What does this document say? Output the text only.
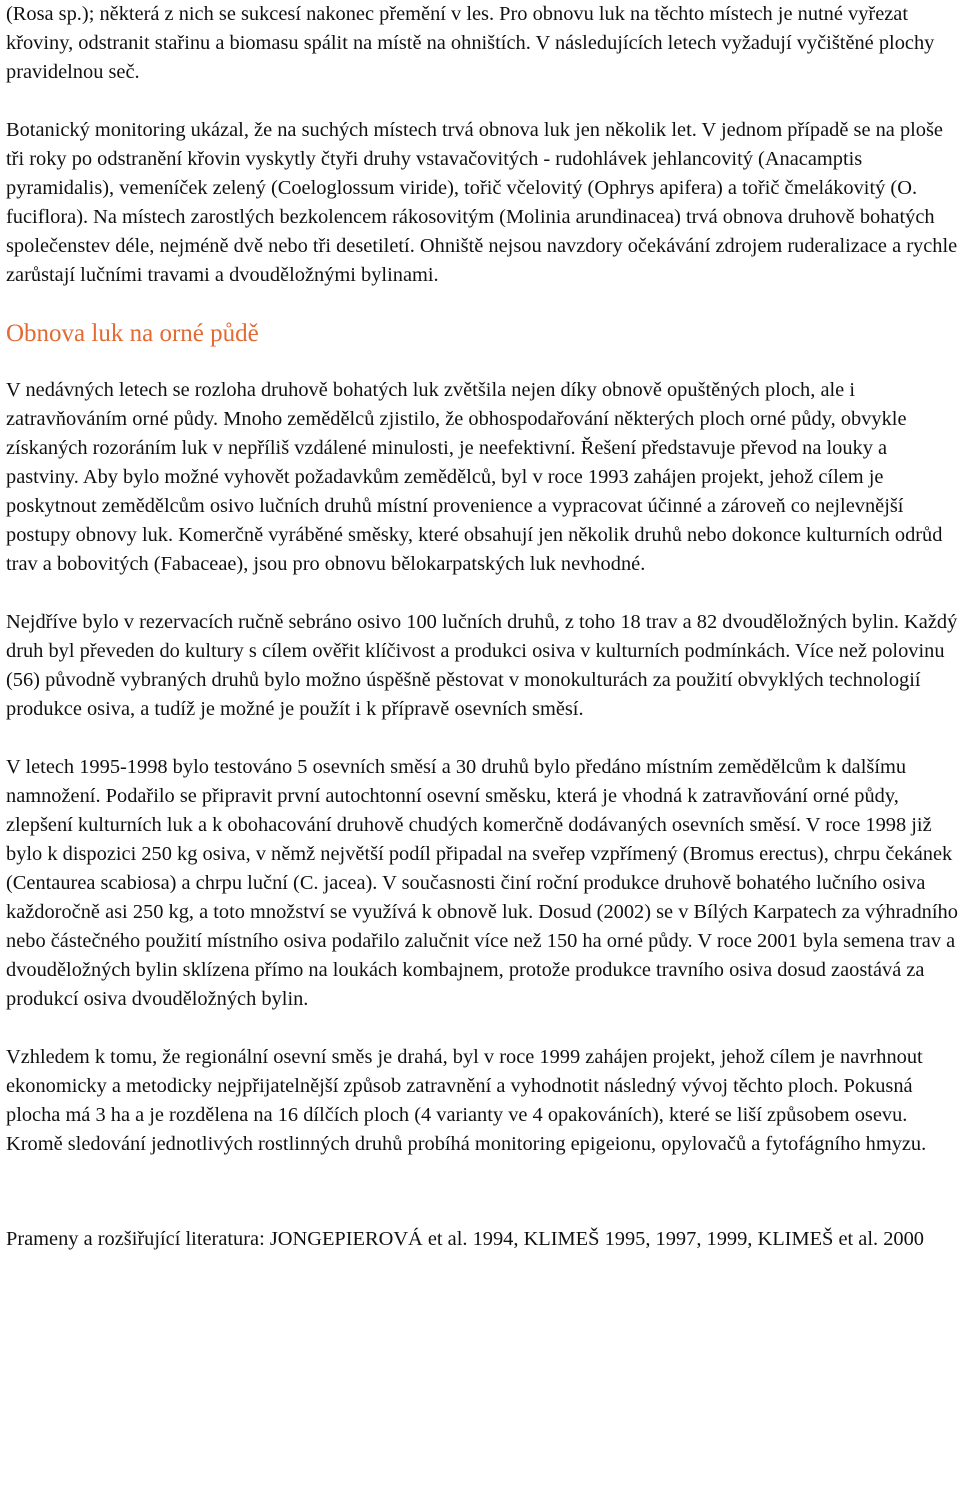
(Rosa sp.); některá z nich se sukcesí nakonec přemění v les. Pro obnovu luk na těchto místech je nutné vyřezat křoviny, odstranit stařinu a biomasu spálit na místě na ohništích. V následujících letech vyžadují vyčištěné plochy pravidelnou seč.

Botanický monitoring ukázal, že na suchých místech trvá obnova luk jen několik let. V jednom případě se na ploše tři roky po odstranění křovin vyskytly čtyři druhy vstavačovitých - rudohlávek jehlancovitý (Anacamptis pyramidalis), vemeníček zelený (Coeloglossum viride), tořič včelovitý (Ophrys apifera) a tořič čmelákovitý (O. fuciflora). Na místech zarostlých bezkolencem rákosovitým (Molinia arundinacea) trvá obnova druhově bohatých společenstev déle, nejméně dvě nebo tři desetiletí. Ohniště nejsou navzdory očekávání zdrojem ruderalizace a rychle zarůstají lučními travami a dvouděložnými bylinami.

Obnova luk na orné půdě

V nedávných letech se rozloha druhově bohatých luk zvětšila nejen díky obnově opuštěných ploch, ale i zatravňováním orné půdy. Mnoho zemědělců zjistilo, že obhospodařování některých ploch orné půdy, obvykle získaných rozoráním luk v nepříliš vzdálené minulosti, je neefektivní. Řešení představuje převod na louky a pastviny. Aby bylo možné vyhovět požadavkům zemědělců, byl v roce 1993 zahájen projekt, jehož cílem je poskytnout zemědělcům osivo lučních druhů místní provenience a vypracovat účinné a zároveň co nejlevnější postupy obnovy luk. Komerčně vyráběné směsky, které obsahují jen několik druhů nebo dokonce kulturních odrůd trav a bobovitých (Fabaceae), jsou pro obnovu bělokarpatských luk nevhodné.

Nejdříve bylo v rezervacích ručně sebráno osivo 100 lučních druhů, z toho 18 trav a 82 dvouděložných bylin. Každý druh byl převeden do kultury s cílem ověřit klíčivost a produkci osiva v kulturních podmínkách. Více než polovinu (56) původně vybraných druhů bylo možno úspěšně pěstovat v monokulturách za použití obvyklých technologií produkce osiva, a tudíž je možné je použít i k přípravě osevních směsí.

V letech 1995-1998 bylo testováno 5 osevních směsí a 30 druhů bylo předáno místním zemědělcům k dalšímu namnožení. Podařilo se připravit první autochtonní osevní směsku, která je vhodná k zatravňování orné půdy, zlepšení kulturních luk a k obohacování druhově chudých komerčně dodávaných osevních směsí. V roce 1998 již bylo k dispozici 250 kg osiva, v němž největší podíl připadal na sveřep vzpřímený (Bromus erectus), chrpu čekánek (Centaurea scabiosa) a chrpu luční (C. jacea). V současnosti činí roční produkce druhově bohatého lučního osiva každoročně asi 250 kg, a toto množství se využívá k obnově luk. Dosud (2002) se v Bílých Karpatech za výhradního nebo částečného použití místního osiva podařilo zalučnit více než 150 ha orné půdy. V roce 2001 byla semena trav a dvouděložných bylin sklízena přímo na loukách kombajnem, protože produkce travního osiva dosud zaostává za produkcí osiva dvouděložných bylin.

Vzhledem k tomu, že regionální osevní směs je drahá, byl v roce 1999 zahájen projekt, jehož cílem je navrhnout ekonomicky a metodicky nejpřijatelnější způsob zatravnění a vyhodnotit následný vývoj těchto ploch. Pokusná plocha má 3 ha a je rozdělena na 16 dílčích ploch (4 varianty ve 4 opakováních), které se liší způsobem osevu. Kromě sledování jednotlivých rostlinných druhů probíhá monitoring epigeionu, opylovačů a fytofágního hmyzu.

Prameny a rozšiřující literatura: JONGEPIEROVÁ et al. 1994, KLIMEŠ 1995, 1997, 1999, KLIMEŠ et al. 2000
